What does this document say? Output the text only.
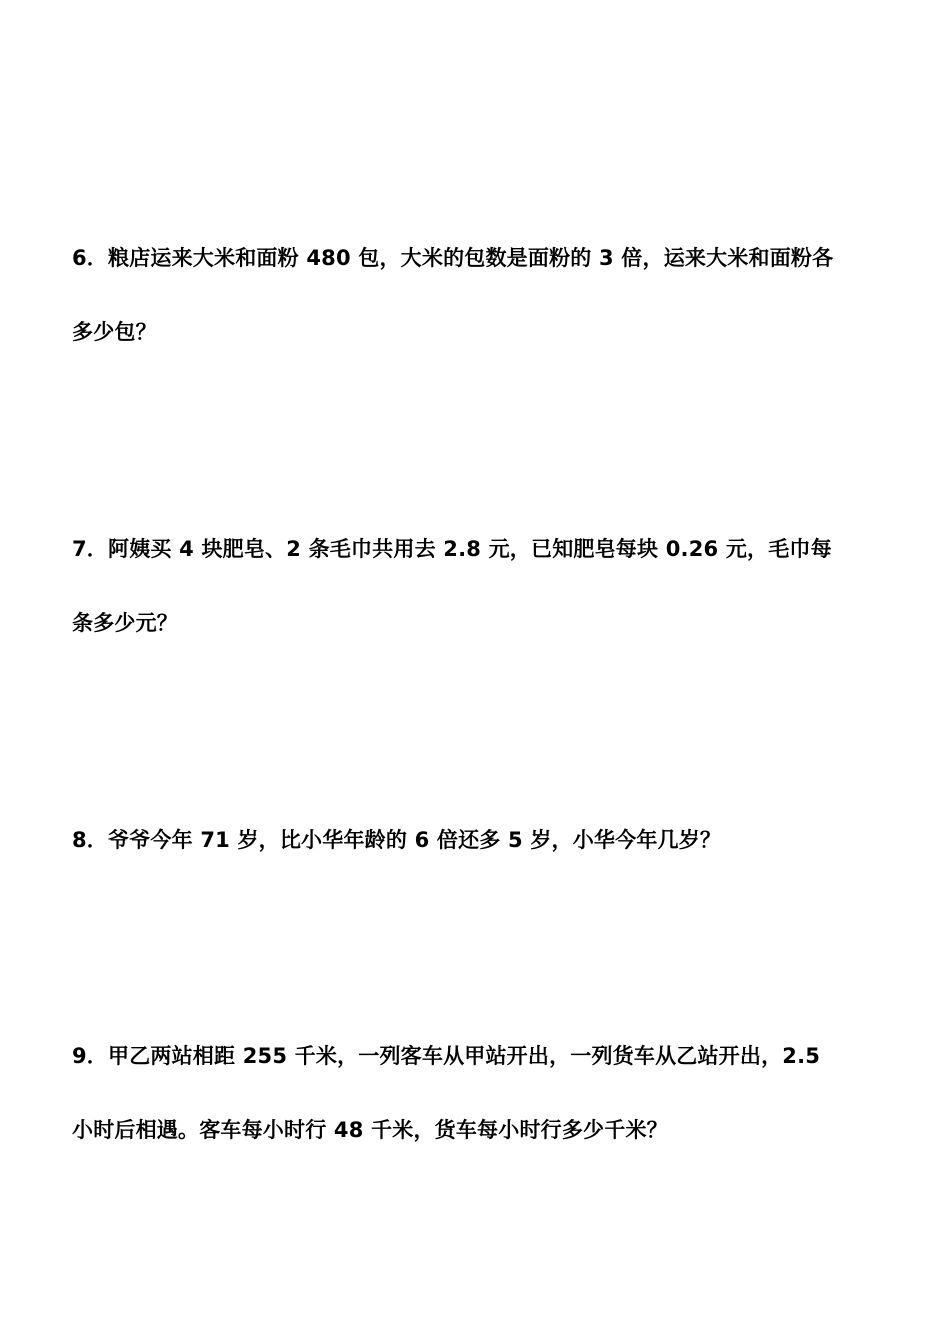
6．粮店运来大米和面粉 480 包，大米的包数是面粉的 3 倍，运来大米和面粉各
多少包？
7．阿姨买 4 块肥皂、2 条毛巾共用去 2.8 元，已知肥皂每块 0.26 元，毛巾每
条多少元？
8．爷爷今年 71 岁，比小华年龄的 6 倍还多 5 岁，小华今年几岁？
9．甲乙两站相距 255 千米，一列客车从甲站开出，一列货车从乙站开出，2.5
小时后相遇。客车每小时行 48 千米，货车每小时行多少千米？
